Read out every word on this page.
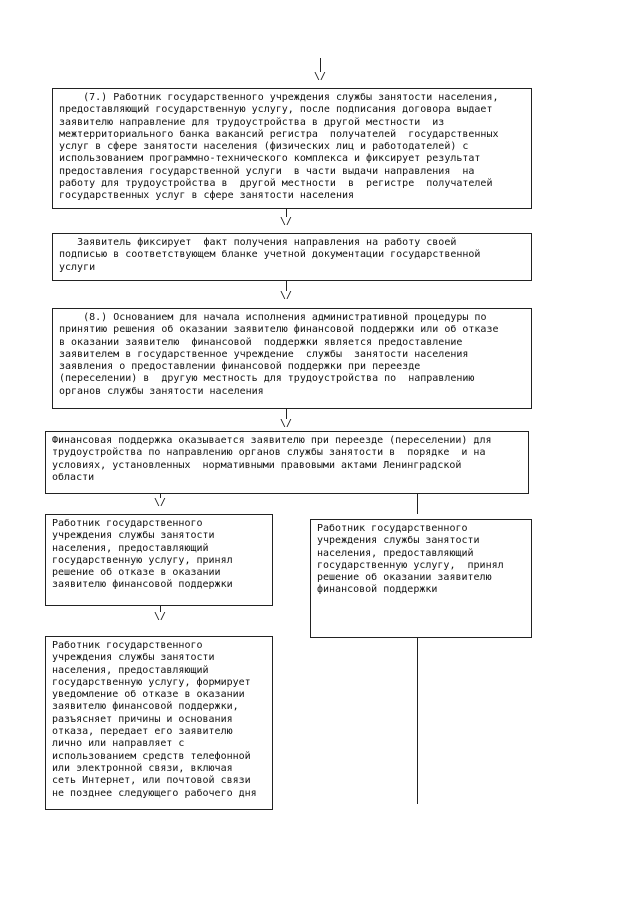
\/
(7.) Работник государственного учреждения службы занятости населения,
предоставляющий государственную услугу, после подписания договора выдает
заявителю направление для трудоустройства в другой местности  из
межтерриториального банка вакансий регистра  получателей  государственных
услуг в сфере занятости населения (физических лиц и работодателей) с
использованием программно-технического комплекса и фиксирует результат
предоставления государственной услуги  в части выдачи направления  на
работу для трудоустройства в  другой местности  в  регистре  получателей
государственных услуг в сфере занятости населения
\/
Заявитель фиксирует  факт получения направления на работу своей
подписью в соответствующем бланке учетной документации государственной
услуги
\/
(8.) Основанием для начала исполнения административной процедуры по
принятию решения об оказании заявителю финансовой поддержки или об отказе
в оказании заявителю  финансовой  поддержки является предоставление
заявителем в государственное учреждение  службы  занятости населения
заявления о предоставлении финансовой поддержки при переезде
(переселении) в  другую местность для трудоустройства по  направлению
органов службы занятости населения
\/
Финансовая поддержка оказывается заявителю при переезде (переселении) для
трудоустройства по направлению органов службы занятости в  порядке  и на
условиях, установленных  нормативными правовыми актами Ленинградской
области
\/
Работник государственного
учреждения службы занятости
населения, предоставляющий
государственную услугу, принял
решение об отказе в оказании
заявителю финансовой поддержки
Работник государственного
учреждения службы занятости
населения, предоставляющий
государственную услугу,  принял
решение об оказании заявителю
финансовой поддержки
\/
Работник государственного
учреждения службы занятости
населения, предоставляющий
государственную услугу, формирует
уведомление об отказе в оказании
заявителю финансовой поддержки,
разъясняет причины и основания
отказа, передает его заявителю
лично или направляет с
использованием средств телефонной
или электронной связи, включая
сеть Интернет, или почтовой связи
не позднее следующего рабочего дня
